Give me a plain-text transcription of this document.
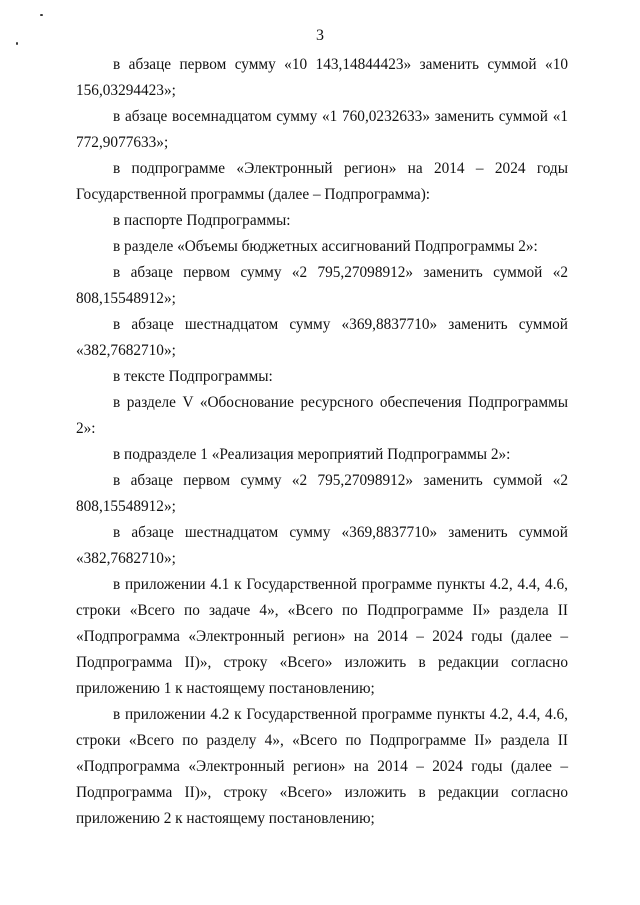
3

в абзаце первом сумму «10 143,14844423» заменить суммой «10 156,03294423»;

в абзаце восемнадцатом сумму «1 760,0232633» заменить суммой «1 772,9077633»;

в подпрограмме «Электронный регион» на 2014 – 2024 годы Государственной программы (далее – Подпрограмма):

в паспорте Подпрограммы:

в разделе «Объемы бюджетных ассигнований Подпрограммы 2»:

в абзаце первом сумму «2 795,27098912» заменить суммой «2 808,15548912»;

в абзаце шестнадцатом сумму «369,8837710» заменить суммой «382,7682710»;

в тексте Подпрограммы:

в разделе V «Обоснование ресурсного обеспечения Подпрограммы 2»:

в подразделе 1 «Реализация мероприятий Подпрограммы 2»:

в абзаце первом сумму «2 795,27098912» заменить суммой «2 808,15548912»;

в абзаце шестнадцатом сумму «369,8837710» заменить суммой «382,7682710»;

в приложении 4.1 к Государственной программе пункты 4.2, 4.4, 4.6, строки «Всего по задаче 4», «Всего по Подпрограмме II» раздела II «Подпрограмма «Электронный регион» на 2014 – 2024 годы (далее – Подпрограмма II)», строку «Всего» изложить в редакции согласно приложению 1 к настоящему постановлению;

в приложении 4.2 к Государственной программе пункты 4.2, 4.4, 4.6, строки «Всего по разделу 4», «Всего по Подпрограмме II» раздела II «Подпрограмма «Электронный регион» на 2014 – 2024 годы (далее – Подпрограмма II)», строку «Всего» изложить в редакции согласно приложению 2 к настоящему постановлению;
